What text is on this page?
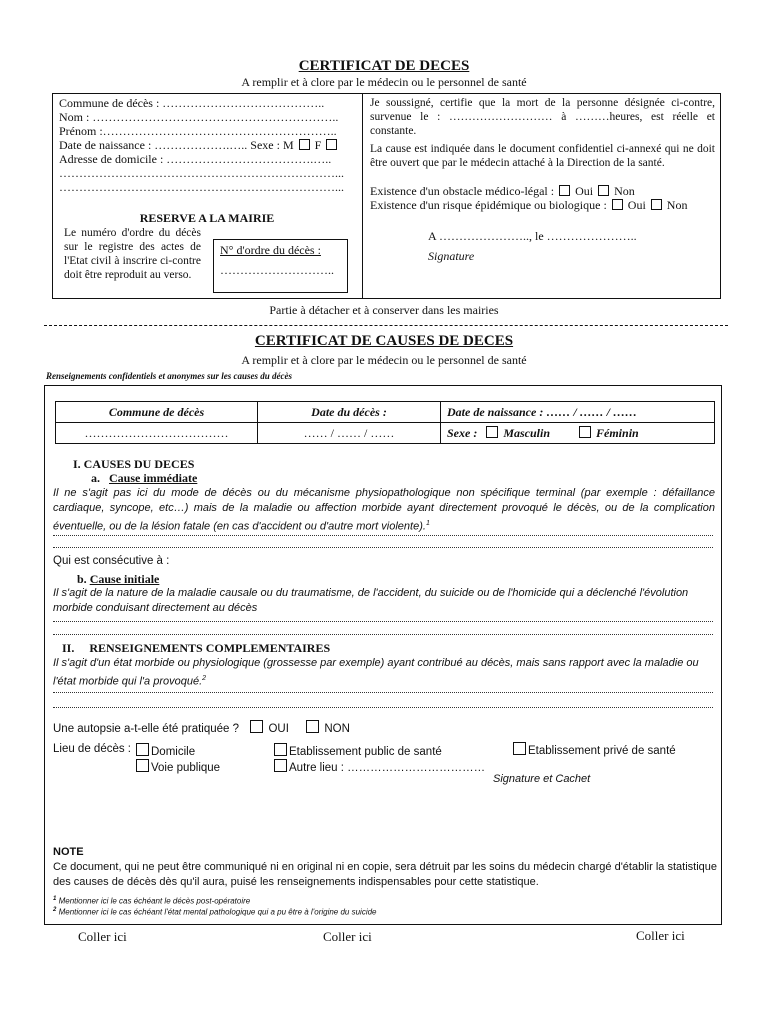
CERTIFICAT DE DECES
A remplir et à clore par le médecin ou le personnel de santé
Commune de décès : …………………………………..
Nom : ……………………………………………………..
Prénom :…………………………………………………..
Date de naissance : ……………….….. Sexe : M F
Adresse de domicile : ……………………………….…..
……………………………………………………………...
……………………………………………………………...
RESERVE A LA MAIRIE
Le numéro d'ordre du décès sur le registre des actes de l'Etat civil à inscrire ci-contre doit être reproduit au verso.
N° d'ordre du décès :
………………………..
Je soussigné, certifie que la mort de la personne désignée ci-contre, survenue le : ……………………… à ………heures, est réelle et constante.
La cause est indiquée dans le document confidentiel ci-annexé qui ne doit être ouvert que par le médecin attaché à la Direction de la santé.
Existence d'un obstacle médico-légal : Oui Non
Existence d'un risque épidémique ou biologique : Oui Non
A ………………….., le …………………..
Signature
Partie à détacher et à conserver dans les mairies
CERTIFICAT DE CAUSES DE DECES
A remplir et à clore par le médecin ou le personnel de santé
Renseignements confidentiels et anonymes sur les causes du décès
Commune de décès	Date du décès :	Date de naissance : …… / …… / ……
………………………………	…… / …… / ……	Sexe : Masculin Féminin
I. CAUSES DU DECES
a. Cause immédiate
Il ne s'agit pas ici du mode de décès ou du mécanisme physiopathologique non spécifique terminal (par exemple : défaillance cardiaque, syncope, etc…) mais de la maladie ou affection morbide ayant directement provoqué le décès, ou de la complication éventuelle, ou de la lésion fatale (en cas d'accident ou d'autre mort violente).$^1$
Qui est consécutive à :
b. Cause initiale
Il s'agit de la nature de la maladie causale ou du traumatisme, de l'accident, du suicide ou de l'homicide qui a déclenché l'évolution morbide conduisant directement au décès
II.     RENSEIGNEMENTS COMPLEMENTAIRES
Il s'agit d'un état morbide ou physiologique (grossesse par exemple) ayant contribué au décès, mais sans rapport avec la maladie ou l'état morbide qui l'a provoqué.$^2$
Une autopsie a-t-elle été pratiquée ?	OUI	NON
Lieu de décès :	Domicile
Voie publique
Etablissement public de santé
Autre lieu : ………………………………
Etablissement privé de santé
Signature et Cachet
NOTE
Ce document, qui ne peut être communiqué ni en original ni en copie, sera détruit par les soins du médecin chargé d'établir la statistique des causes de décès dès qu'il aura, puisé les renseignements indispensables pour cette statistique.
$^1$ Mentionner ici le cas échéant le décès post-opératoire
$^2$ Mentionner ici le cas échéant l'état mental pathologique qui a pu être à l'origine du suicide
Coller ici	Coller ici	Coller ici
